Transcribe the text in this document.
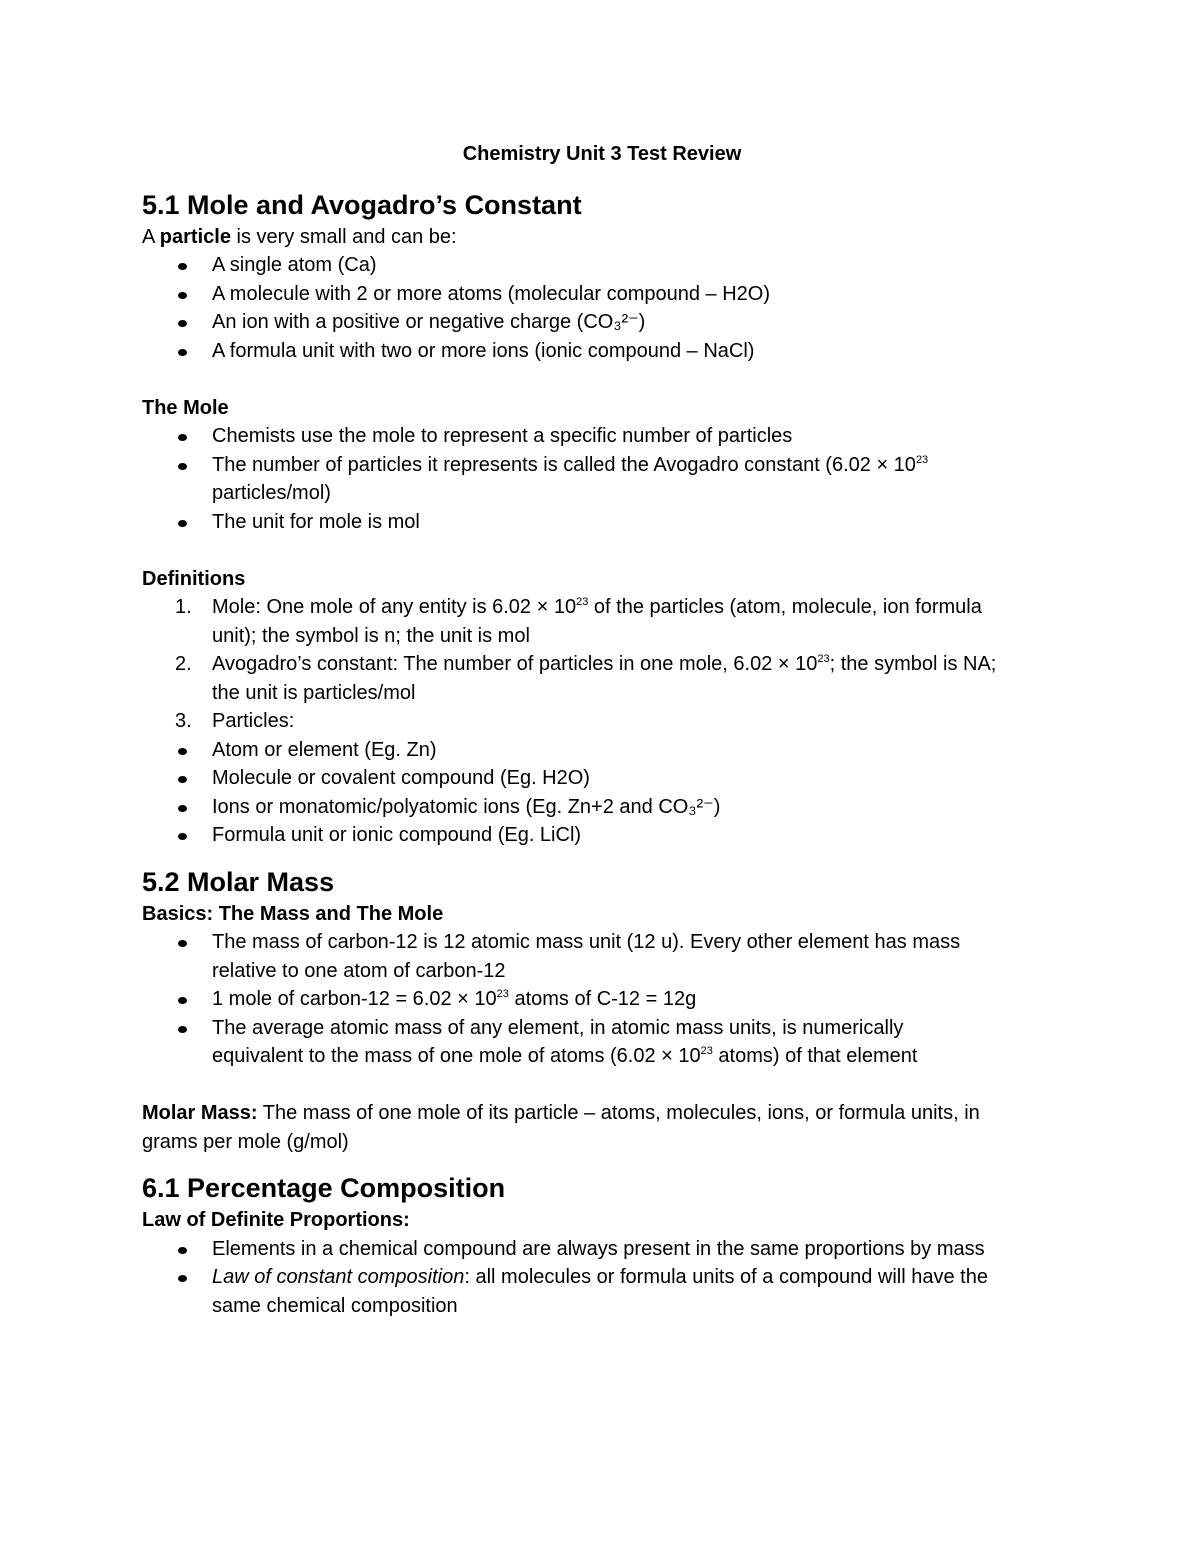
Chemistry Unit 3 Test Review

5.1 Mole and Avogadro’s Constant

A particle is very small and can be:

A single atom (Ca)
A molecule with 2 or more atoms (molecular compound – H2O)
An ion with a positive or negative charge (CO₃²⁻)
A formula unit with two or more ions (ionic compound – NaCl)

The Mole

Chemists use the mole to represent a specific number of particles
The number of particles it represents is called the Avogadro constant ($6.02 \times 10^{23}$
particles/mol)
The unit for mole is mol

Definitions

1. Mole: One mole of any entity is $6.02 \times 10^{23}$ of the particles (atom, molecule, ion formula
unit); the symbol is n; the unit is mol
2. Avogadro’s constant: The number of particles in one mole, $6.02 \times 10^{23}$; the symbol is NA;
the unit is particles/mol
3. Particles:
Atom or element (Eg. Zn)
Molecule or covalent compound (Eg. H2O)
Ions or monatomic/polyatomic ions (Eg. Zn+2 and CO₃²⁻)
Formula unit or ionic compound (Eg. LiCl)
5.2 Molar Mass

Basics: The Mass and The Mole

The mass of carbon-12 is 12 atomic mass unit (12 u). Every other element has mass
relative to one atom of carbon-12
1 mole of carbon-12 = $6.02 \times 10^{23}$ atoms of C-12 = 12g
The average atomic mass of any element, in atomic mass units, is numerically
equivalent to the mass of one mole of atoms ($6.02 \times 10^{23}$ atoms) of that element

Molar Mass: The mass of one mole of its particle – atoms, molecules, ions, or formula units, in
grams per mole (g/mol)

6.1 Percentage Composition

Law of Definite Proportions:

Elements in a chemical compound are always present in the same proportions by mass
Law of constant composition: all molecules or formula units of a compound will have the
same chemical composition
